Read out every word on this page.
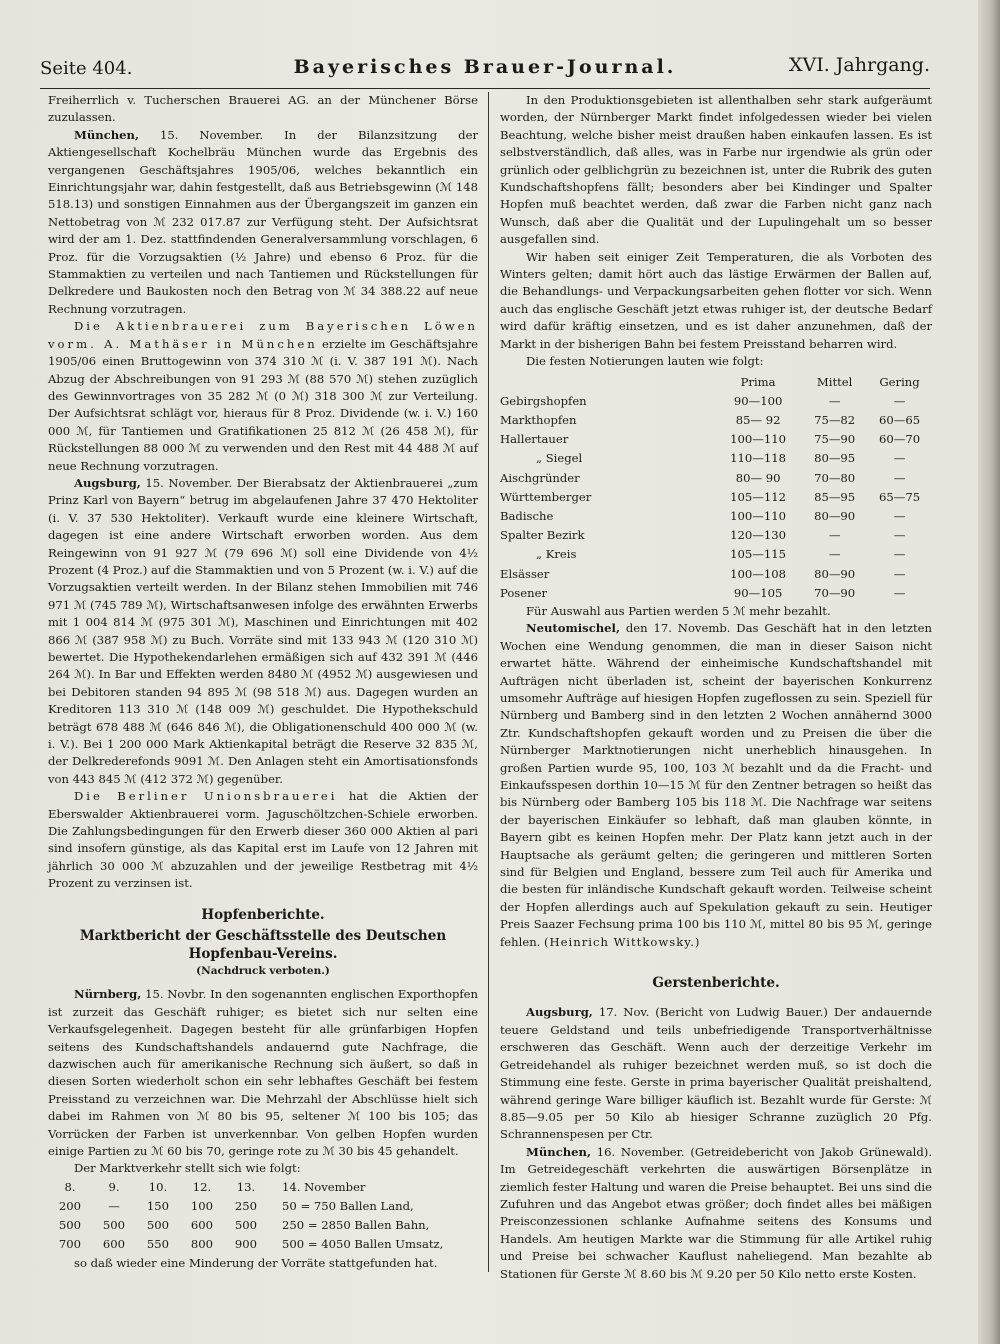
Seite 404.	Bayerisches Brauer-Journal.	XVI. Jahrgang.

Freiherrlich v. Tucherschen Brauerei AG. an der Münchener Börse zuzulassen.

München, 15. November. In der Bilanzsitzung der Aktiengesellschaft Kochelbräu München wurde das Ergebnis des vergangenen Geschäftsjahres 1905/06, welches bekanntlich ein Einrichtungsjahr war, dahin festgestellt, daß aus Betriebsgewinn (ℳ 148 518.13) und sonstigen Einnahmen aus der Übergangszeit im ganzen ein Nettobetrag von ℳ 232 017.87 zur Verfügung steht. Der Aufsichtsrat wird der am 1. Dez. stattfindenden Generalversammlung vorschlagen, 6 Proz. für die Vorzugsaktien (½ Jahre) und ebenso 6 Proz. für die Stammaktien zu verteilen und nach Tantiemen und Rückstellungen für Delkredere und Baukosten noch den Betrag von ℳ 34 388.22 auf neue Rechnung vorzutragen.

Die Aktienbrauerei zum Bayerischen Löwen vorm. A. Mathäser in München erzielte im Geschäftsjahre 1905/06 einen Bruttogewinn von 374 310 ℳ (i. V. 387 191 ℳ). Nach Abzug der Abschreibungen von 91 293 ℳ (88 570 ℳ) stehen zuzüglich des Gewinnvortrages von 35 282 ℳ (0 ℳ) 318 300 ℳ zur Verteilung. Der Aufsichtsrat schlägt vor, hieraus für 8 Proz. Dividende (w. i. V.) 160 000 ℳ, für Tantiemen und Gratifikationen 25 812 ℳ (26 458 ℳ), für Rückstellungen 88 000 ℳ zu verwenden und den Rest mit 44 488 ℳ auf neue Rechnung vorzutragen.

Augsburg, 15. November. Der Bierabsatz der Aktienbrauerei „zum Prinz Karl von Bayern“ betrug im abgelaufenen Jahre 37 470 Hektoliter (i. V. 37 530 Hektoliter). Verkauft wurde eine kleinere Wirtschaft, dagegen ist eine andere Wirtschaft erworben worden. Aus dem Reingewinn von 91 927 ℳ (79 696 ℳ) soll eine Dividende von 4½ Prozent (4 Proz.) auf die Stammaktien und von 5 Prozent (w. i. V.) auf die Vorzugsaktien verteilt werden. In der Bilanz stehen Immobilien mit 746 971 ℳ (745 789 ℳ), Wirtschaftsanwesen infolge des erwähnten Erwerbs mit 1 004 814 ℳ (975 301 ℳ), Maschinen und Einrichtungen mit 402 866 ℳ (387 958 ℳ) zu Buch. Vorräte sind mit 133 943 ℳ (120 310 ℳ) bewertet. Die Hypothekendarlehen ermäßigen sich auf 432 391 ℳ (446 264 ℳ). In Bar und Effekten werden 8480 ℳ (4952 ℳ) ausgewiesen und bei Debitoren standen 94 895 ℳ (98 518 ℳ) aus. Dagegen wurden an Kreditoren 113 310 ℳ (148 009 ℳ) geschuldet. Die Hypothekschuld beträgt 678 488 ℳ (646 846 ℳ), die Obligationenschuld 400 000 ℳ (w. i. V.). Bei 1 200 000 Mark Aktienkapital beträgt die Reserve 32 835 ℳ, der Delkrederefonds 9091 ℳ. Den Anlagen steht ein Amortisationsfonds von 443 845 ℳ (412 372 ℳ) gegenüber.

Die Berliner Unionsbrauerei hat die Aktien der Eberswalder Aktienbrauerei vorm. Jaguschöltzchen-Schiele erworben. Die Zahlungsbedingungen für den Erwerb dieser 360 000 Aktien al pari sind insofern günstige, als das Kapital erst im Laufe von 12 Jahren mit jährlich 30 000 ℳ abzuzahlen und der jeweilige Restbetrag mit 4½ Prozent zu verzinsen ist.

Hopfenberichte.
Marktbericht der Geschäftsstelle des Deutschen Hopfenbau-Vereins.
(Nachdruck verboten.)

Nürnberg, 15. Novbr. In den sogenannten englischen Exporthopfen ist zurzeit das Geschäft ruhiger; es bietet sich nur selten eine Verkaufsgelegenheit. Dagegen besteht für alle grünfarbigen Hopfen seitens des Kundschaftshandels andauernd gute Nachfrage, die dazwischen auch für amerikanische Rechnung sich äußert, so daß in diesen Sorten wiederholt schon ein sehr lebhaftes Geschäft bei festem Preisstand zu verzeichnen war. Die Mehrzahl der Abschlüsse hielt sich dabei im Rahmen von ℳ 80 bis 95, seltener ℳ 100 bis 105; das Vorrücken der Farben ist unverkennbar. Von gelben Hopfen wurden einige Partien zu ℳ 60 bis 70, geringe rote zu ℳ 30 bis 45 gehandelt.

Der Marktverkehr stellt sich wie folgt:

8.	9.	10.	12.	13.	14. November
200	—	150	100	250	50 = 750 Ballen Land,
500	500	500	600	500	250 = 2850 Ballen Bahn,
700	600	550	800	900	500 = 4050 Ballen Umsatz,

so daß wieder eine Minderung der Vorräte stattgefunden hat.

In den Produktionsgebieten ist allenthalben sehr stark aufgeräumt worden, der Nürnberger Markt findet infolgedessen wieder bei vielen Beachtung, welche bisher meist draußen haben einkaufen lassen. Es ist selbstverständlich, daß alles, was in Farbe nur irgendwie als grün oder grünlich oder gelblichgrün zu bezeichnen ist, unter die Rubrik des guten Kundschaftshopfens fällt; besonders aber bei Kindinger und Spalter Hopfen muß beachtet werden, daß zwar die Farben nicht ganz nach Wunsch, daß aber die Qualität und der Lupulingehalt um so besser ausgefallen sind.

Wir haben seit einiger Zeit Temperaturen, die als Vorboten des Winters gelten; damit hört auch das lästige Erwärmen der Ballen auf, die Behandlungs- und Verpackungsarbeiten gehen flotter vor sich. Wenn auch das englische Geschäft jetzt etwas ruhiger ist, der deutsche Bedarf wird dafür kräftig einsetzen, und es ist daher anzunehmen, daß der Markt in der bisherigen Bahn bei festem Preisstand beharren wird.

Die festen Notierungen lauten wie folgt:

	Prima	Mittel	Gering
Gebirgshopfen	90—100	—	—
Markthopfen	85— 92	75—82	60—65
Hallertauer	100—110	75—90	60—70
„ Siegel	110—118	80—95	—
Aischgründer	80— 90	70—80	—
Württemberger	105—112	85—95	65—75
Badische	100—110	80—90	—
Spalter Bezirk	120—130	—	—
„ Kreis	105—115	—	—
Elsässer	100—108	80—90	—
Posener	90—105	70—90	—

Für Auswahl aus Partien werden 5 ℳ mehr bezahlt.

Neutomischel, den 17. Novemb. Das Geschäft hat in den letzten Wochen eine Wendung genommen, die man in dieser Saison nicht erwartet hätte. Während der einheimische Kundschaftshandel mit Aufträgen nicht überladen ist, scheint der bayerischen Konkurrenz umsomehr Aufträge auf hiesigen Hopfen zugeflossen zu sein. Speziell für Nürnberg und Bamberg sind in den letzten 2 Wochen annähernd 3000 Ztr. Kundschaftshopfen gekauft worden und zu Preisen die über die Nürnberger Marktnotierungen nicht unerheblich hinausgehen. In großen Partien wurde 95, 100, 103 ℳ bezahlt und da die Fracht- und Einkaufsspesen dorthin 10—15 ℳ für den Zentner betragen so heißt das bis Nürnberg oder Bamberg 105 bis 118 ℳ. Die Nachfrage war seitens der bayerischen Einkäufer so lebhaft, daß man glauben könnte, in Bayern gibt es keinen Hopfen mehr. Der Platz kann jetzt auch in der Hauptsache als geräumt gelten; die geringeren und mittleren Sorten sind für Belgien und England, bessere zum Teil auch für Amerika und die besten für inländische Kundschaft gekauft worden. Teilweise scheint der Hopfen allerdings auch auf Spekulation gekauft zu sein. Heutiger Preis Saazer Fechsung prima 100 bis 110 ℳ, mittel 80 bis 95 ℳ, geringe fehlen. (Heinrich Wittkowsky.)

Gerstenberichte.

Augsburg, 17. Nov. (Bericht von Ludwig Bauer.) Der andauernde teuere Geldstand und teils unbefriedigende Transportverhältnisse erschweren das Geschäft. Wenn auch der derzeitige Verkehr im Getreidehandel als ruhiger bezeichnet werden muß, so ist doch die Stimmung eine feste. Gerste in prima bayerischer Qualität preishaltend, während geringe Ware billiger käuflich ist. Bezahlt wurde für Gerste: ℳ 8.85—9.05 per 50 Kilo ab hiesiger Schranne zuzüglich 20 Pfg. Schrannenspesen per Ctr.

München, 16. November. (Getreidebericht von Jakob Grünewald). Im Getreidegeschäft verkehrten die auswärtigen Börsenplätze in ziemlich fester Haltung und waren die Preise behauptet. Bei uns sind die Zufuhren und das Angebot etwas größer; doch findet alles bei mäßigen Preisconzessionen schlanke Aufnahme seitens des Konsums und Handels. Am heutigen Markte war die Stimmung für alle Artikel ruhig und Preise bei schwacher Kauflust naheliegend. Man bezahlte ab Stationen für Gerste ℳ 8.60 bis ℳ 9.20 per 50 Kilo netto erste Kosten.
